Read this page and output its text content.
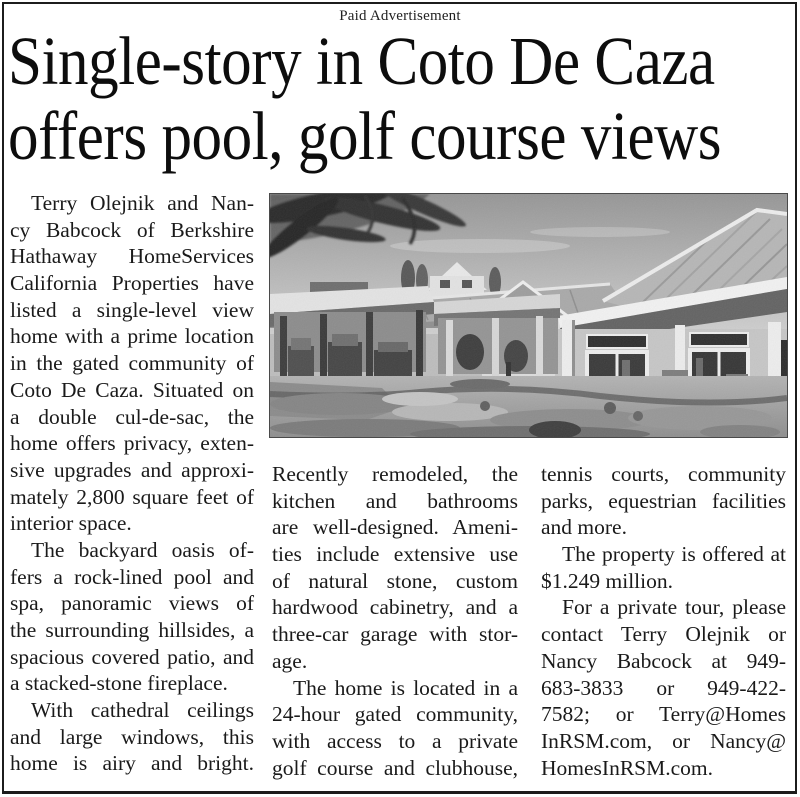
Paid Advertisement
Single-story in Coto De Caza
offers pool, golf course views
Terry Olejnik and Nan-
cy Babcock of Berkshire
Hathaway HomeServices
California Properties have
listed a single-level view
home with a prime location
in the gated community of
Coto De Caza. Situated on
a double cul-de-sac, the
home offers privacy, exten-
sive upgrades and approxi-
mately 2,800 square feet of
interior space.
The backyard oasis of-
fers a rock-lined pool and
spa, panoramic views of
the surrounding hillsides, a
spacious covered patio, and
a stacked-stone fireplace.
With cathedral ceilings
and large windows, this
home is airy and bright.
Recently remodeled, the
kitchen and bathrooms
are well-designed. Ameni-
ties include extensive use
of natural stone, custom
hardwood cabinetry, and a
three-car garage with stor-
age.
The home is located in a
24-hour gated community,
with access to a private
golf course and clubhouse,
tennis courts, community
parks, equestrian facilities
and more.
The property is offered at
$1.249 million.
For a private tour, please
contact Terry Olejnik or
Nancy Babcock at 949-
683-3833 or 949-422-
7582; or Terry@Homes
InRSM.com, or Nancy@
HomesInRSM.com.
